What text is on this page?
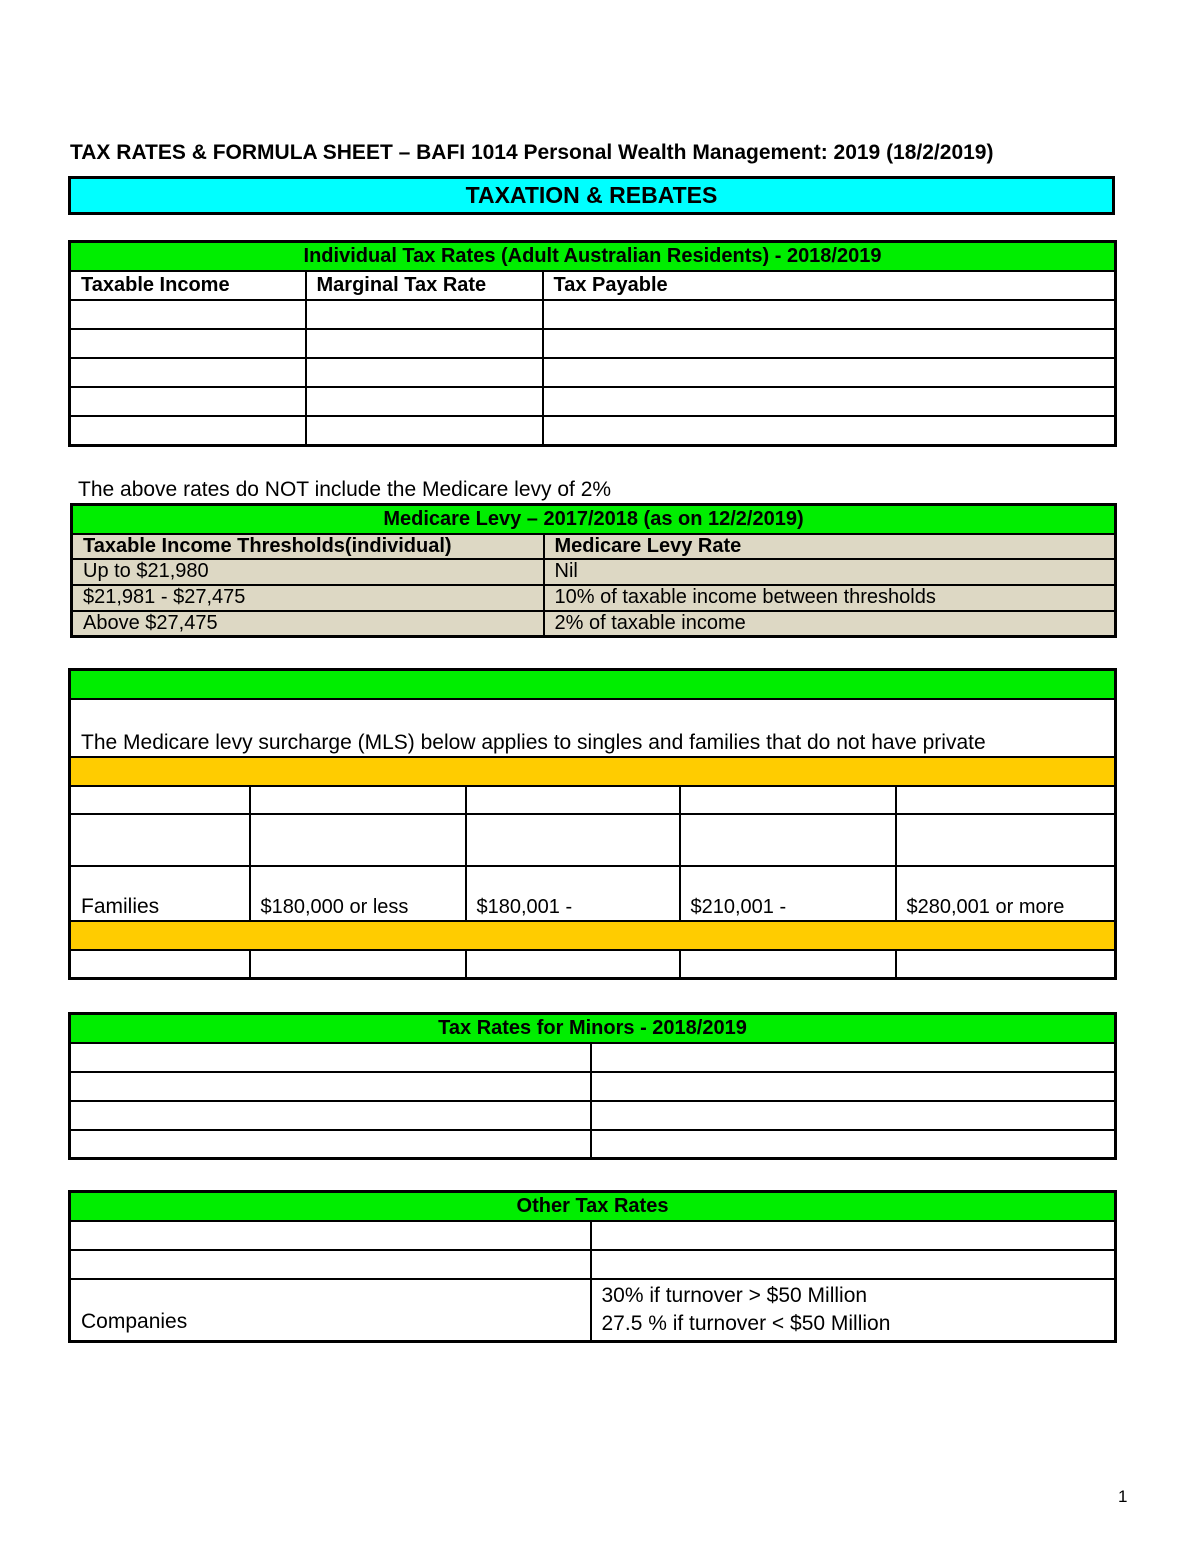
TAX RATES & FORMULA SHEET – BAFI 1014 Personal Wealth Management: 2019 (18/2/2019)
TAXATION & REBATES
Individual Tax Rates (Adult Australian Residents) - 2018/2019		
Taxable Income	Marginal Tax Rate	Tax Payable

The above rates do NOT include the Medicare levy of 2%
Medicare Levy – 2017/2018 (as on 12/2/2019)	
Taxable Income Thresholds(individual)	Medicare Levy Rate
Up to $21,980	Nil
$21,981 - $27,475	10% of taxable income between thresholds
Above $27,475	2% of taxable income

The Medicare levy surcharge (MLS) below applies to singles and families that do not have private				

Families	$180,000 or less	$180,001 -	$210,001 -	$280,001 or more

Tax Rates for Minors - 2018/2019	

Other Tax Rates	

Companies	30% if turnover > $50 Million
27.5 % if turnover < $50 Million
1
